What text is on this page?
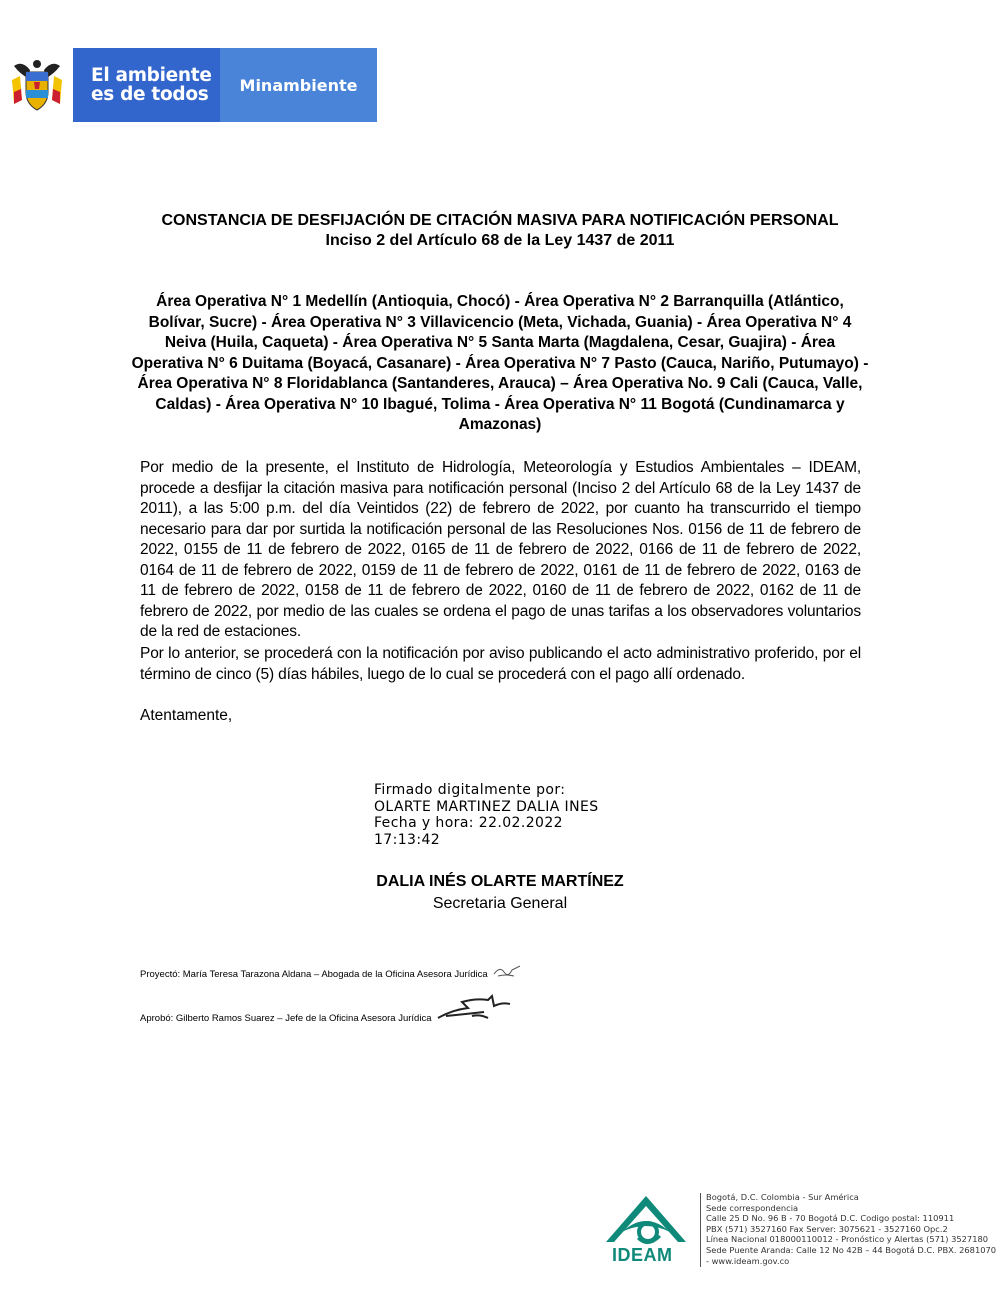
El ambiente
es de todos	Minambiente
CONSTANCIA DE DESFIJACIÓN DE CITACIÓN MASIVA PARA NOTIFICACIÓN PERSONAL
Inciso 2 del Artículo 68 de la Ley 1437 de 2011
Área Operativa N° 1 Medellín (Antioquia, Chocó) - Área Operativa N° 2 Barranquilla (Atlántico, Bolívar, Sucre) - Área Operativa N° 3 Villavicencio (Meta, Vichada, Guania) - Área Operativa N° 4 Neiva (Huila, Caqueta) - Área Operativa N° 5 Santa Marta (Magdalena, Cesar, Guajira) - Área Operativa N° 6 Duitama (Boyacá, Casanare) - Área Operativa N° 7 Pasto (Cauca, Nariño, Putumayo) - Área Operativa N° 8 Floridablanca (Santanderes, Arauca) – Área Operativa No. 9 Cali (Cauca, Valle, Caldas) - Área Operativa N° 10 Ibagué, Tolima - Área Operativa N° 11 Bogotá (Cundinamarca y Amazonas)
Por medio de la presente, el Instituto de Hidrología, Meteorología y Estudios Ambientales – IDEAM, procede a desfijar la citación masiva para notificación personal (Inciso 2 del Artículo 68 de la Ley 1437 de 2011), a las 5:00 p.m. del día Veintidos (22) de febrero de 2022, por cuanto ha transcurrido el tiempo necesario para dar por surtida la notificación personal de las Resoluciones Nos. 0156 de 11 de febrero de 2022, 0155 de 11 de febrero de 2022, 0165 de 11 de febrero de 2022, 0166 de 11 de febrero de 2022, 0164 de 11 de febrero de 2022, 0159 de 11 de febrero de 2022, 0161 de 11 de febrero de 2022, 0163 de 11 de febrero de 2022, 0158 de 11 de febrero de 2022, 0160 de 11 de febrero de 2022, 0162 de 11 de febrero de 2022, por medio de las cuales se ordena el pago de unas tarifas a los observadores voluntarios de la red de estaciones.
Por lo anterior, se procederá con la notificación por aviso publicando el acto administrativo proferido, por el término de cinco (5) días hábiles, luego de lo cual se procederá con el pago allí ordenado.
Atentamente,
Firmado digitalmente por:
OLARTE MARTINEZ DALIA INES
Fecha y hora: 22.02.2022
17:13:42
DALIA INÉS OLARTE MARTÍNEZ
Secretaria General
Proyectó: María Teresa Tarazona Aldana – Abogada de la Oficina Asesora Jurídica
Aprobó: Gilberto Ramos Suarez – Jefe de la Oficina Asesora Jurídica
IDEAM
Bogotá, D.C. Colombia - Sur América
Sede correspondencia
Calle 25 D No. 96 B - 70 Bogotá D.C. Codigo postal: 110911
PBX (571) 3527160 Fax Server: 3075621 - 3527160 Opc.2
Línea Nacional 018000110012 - Pronóstico y Alertas (571) 3527180
Sede Puente Aranda: Calle 12 No 42B – 44 Bogotá D.C. PBX. 2681070
- www.ideam.gov.co
